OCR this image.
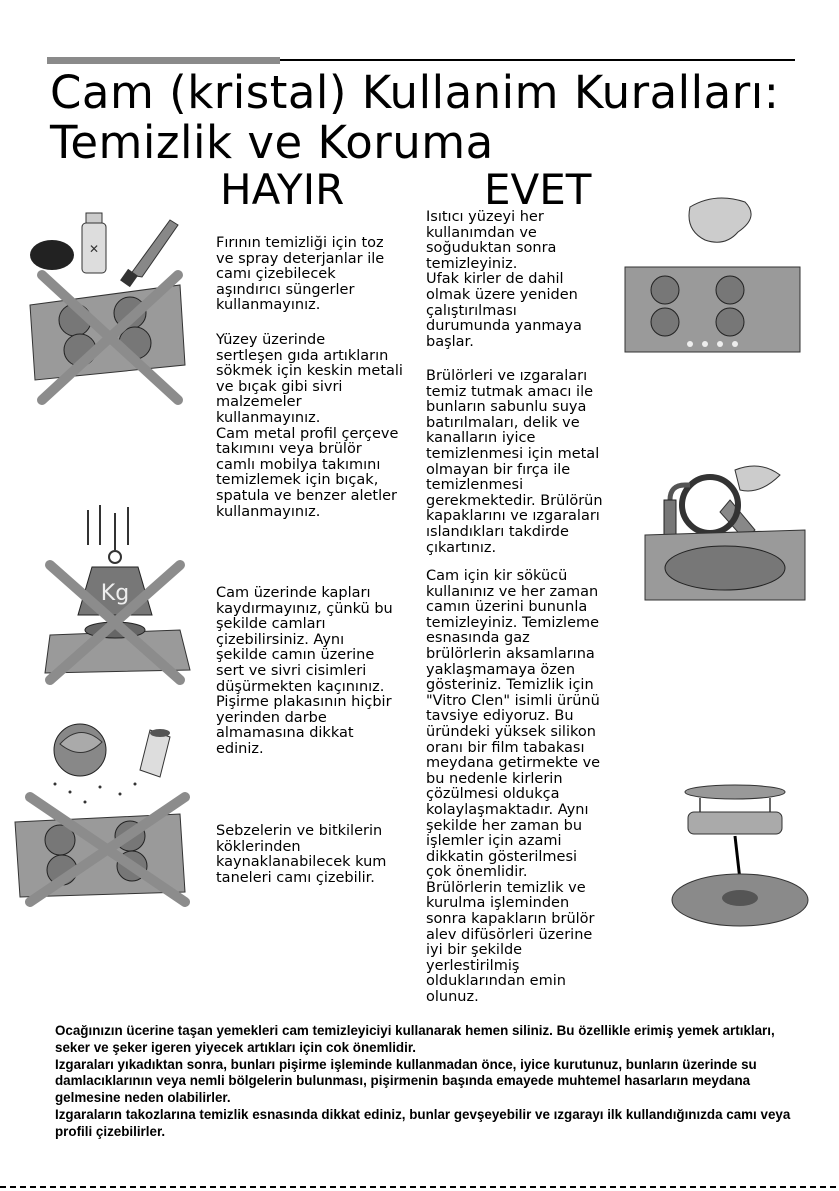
Cam (kristal) Kullanim Kuralları:
Temizlik ve Koruma
HAYIR	EVET

Fırının temizliği için toz
ve spray deterjanlar ile
camı çizebilecek
aşındırıcı süngerler
kullanmayınız.

Yüzey üzerinde
sertleşen gıda artıkların
sökmek için keskin metali
ve bıçak gibi sivri
malzemeler
kullanmayınız.
Cam metal profil çerçeve
takımını veya brülör
camlı mobilya takımını
temizlemek için bıçak,
spatula ve benzer aletler
kullanmayınız.

Cam üzerinde kapları
kaydırmayınız, çünkü bu
şekilde camları
çizebilirsiniz. Aynı
şekilde camın üzerine
sert ve sivri cisimleri
düşürmekten kaçınınız.
Pişirme plakasının hiçbir
yerinden darbe
almamasına dikkat
ediniz.

Sebzelerin ve bitkilerin
köklerinden
kaynaklanabilecek kum
taneleri camı çizebilir.

Isıtıcı yüzeyi her
kullanımdan ve
soğuduktan sonra
temizleyiniz.
Ufak kirler de dahil
olmak üzere yeniden
çalıştırılması
durumunda yanmaya
başlar.

Brülörleri ve ızgaraları
temiz tutmak amacı ile
bunların sabunlu suya
batırılmaları, delik ve
kanalların iyice
temizlenmesi için metal
olmayan bir fırça ile
temizlenmesi
gerekmektedir. Brülörün
kapaklarını ve ızgaraları
ıslandıkları takdirde
çıkartınız.

Cam için kir sökücü
kullanınız ve her zaman
camın üzerini bununla
temizleyiniz. Temizleme
esnasında gaz
brülörlerin aksamlarına
yaklaşmamaya özen
gösteriniz. Temizlik için
"Vitro Clen" isimli ürünü
tavsiye ediyoruz. Bu
üründeki yüksek silikon
oranı bir film tabakası
meydana getirmekte ve
bu nedenle kirlerin
çözülmesi oldukça
kolaylaşmaktadır. Aynı
şekilde her zaman bu
işlemler için azami
dikkatin gösterilmesi
çok önemlidir.
Brülörlerin temizlik ve
kurulma işleminden
sonra kapakların brülör
alev difüsörleri üzerine
iyi bir şekilde
yerlestirilmiş
olduklarından emin
olunuz.

✕
Kg

Ocağınızın ücerine taşan yemekleri cam temizleyiciyi kullanarak hemen siliniz. Bu özellikle erimiş yemek artıkları, seker ve şeker igeren yiyecek artıkları için cok önemlidir.

Izgaraları yıkadıktan sonra, bunları pişirme işleminde kullanmadan önce, iyice kurutunuz, bunların üzerinde su damlacıklarının veya nemli bölgelerin bulunması, pişirmenin başında emayede muhtemel hasarların meydana gelmesine neden olabilirler.

Izgaraların takozlarına temizlik esnasında dikkat ediniz, bunlar gevşeyebilir ve ızgarayı ilk kullandığınızda camı veya profili çizebilirler.
